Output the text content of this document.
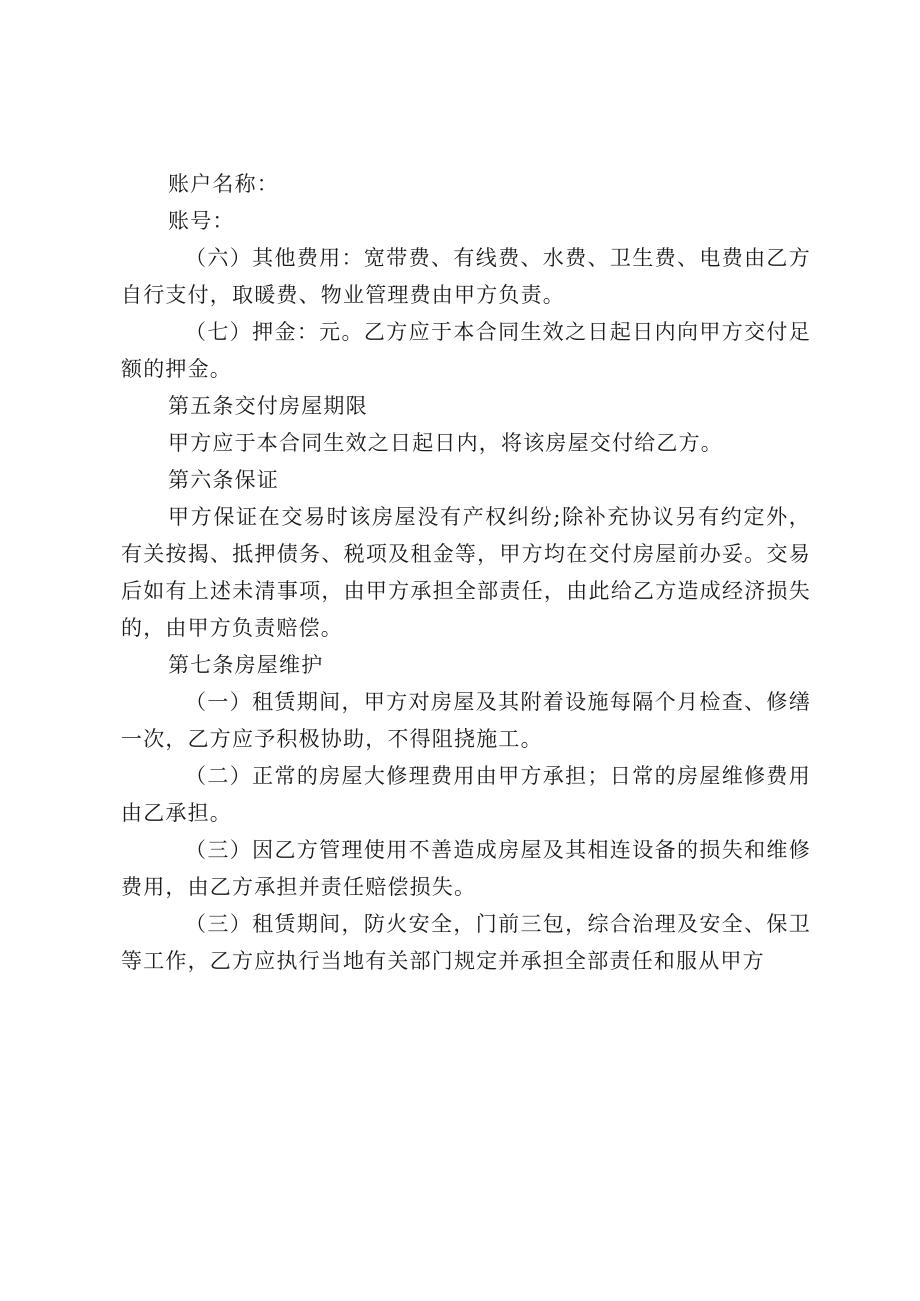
账户名称：

账号：

（六）其他费用：宽带费、有线费、水费、卫生费、电费由乙方自行支付，取暖费、物业管理费由甲方负责。

（七）押金：元。乙方应于本合同生效之日起日内向甲方交付足额的押金。

第五条交付房屋期限

甲方应于本合同生效之日起日内，将该房屋交付给乙方。

第六条保证

甲方保证在交易时该房屋没有产权纠纷;除补充协议另有约定外，有关按揭、抵押债务、税项及租金等，甲方均在交付房屋前办妥。交易后如有上述未清事项，由甲方承担全部责任，由此给乙方造成经济损失的，由甲方负责赔偿。

第七条房屋维护

（一）租赁期间，甲方对房屋及其附着设施每隔个月检查、修缮一次，乙方应予积极协助，不得阻挠施工。

（二）正常的房屋大修理费用由甲方承担；日常的房屋维修费用由乙承担。

（三）因乙方管理使用不善造成房屋及其相连设备的损失和维修费用，由乙方承担并责任赔偿损失。

（三）租赁期间，防火安全，门前三包，综合治理及安全、保卫等工作，乙方应执行当地有关部门规定并承担全部责任和服从甲方
